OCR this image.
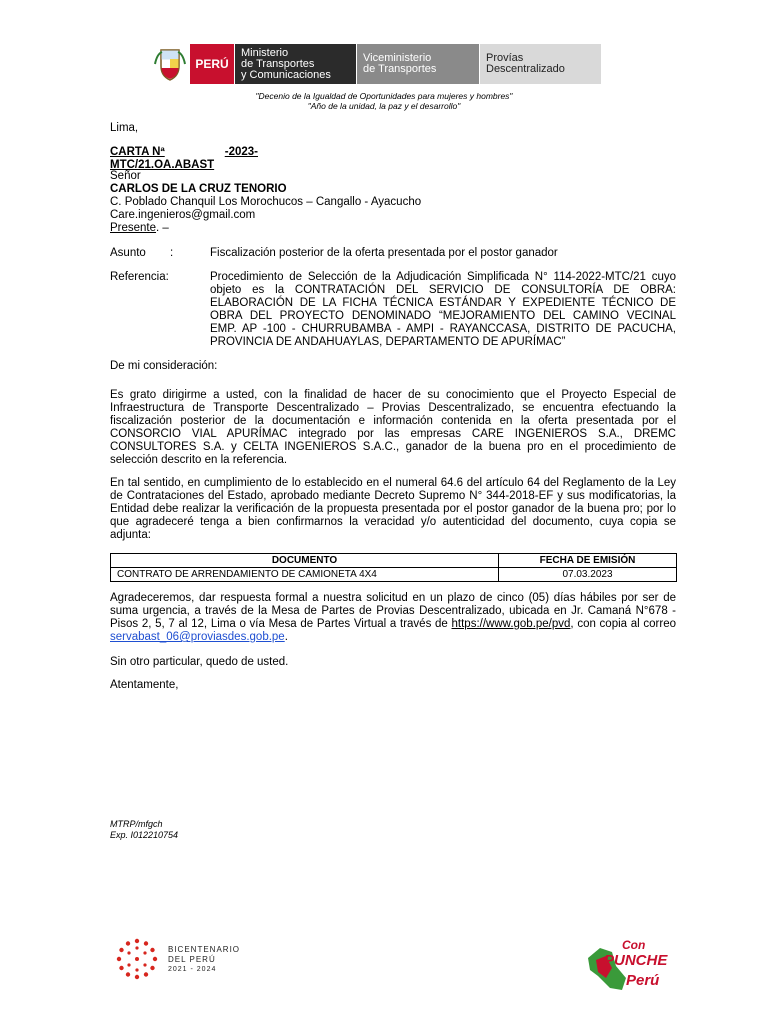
PERÚ
Ministerio
de Transportes
y Comunicaciones
Viceministerio
de Transportes
Provías
Descentralizado
"Decenio de la Igualdad de Oportunidades para mujeres y hombres"
"Año de la unidad, la paz y el desarrollo"
Lima,
CARTA Nª	-2023-MTC/21.OA.ABAST
Señor
CARLOS DE LA CRUZ TENORIO
C. Poblado Chanquil Los Morochucos – Cangallo - Ayacucho
Care.ingenieros@gmail.com
Presente. –
Asunto :	Fiscalización posterior de la oferta presentada por el postor ganador
Referencia:	Procedimiento de Selección de la Adjudicación Simplificada N° 114-2022-MTC/21 cuyo
objeto es la CONTRATACIÓN DEL SERVICIO DE CONSULTORÍA DE OBRA:
ELABORACIÓN DE LA FICHA TÉCNICA ESTÁNDAR Y EXPEDIENTE TÉCNICO DE
OBRA DEL PROYECTO DENOMINADO “MEJORAMIENTO DEL CAMINO VECINAL
EMP. AP -100 - CHURRUBAMBA - AMPI - RAYANCCASA, DISTRITO DE PACUCHA,
PROVINCIA DE ANDAHUAYLAS, DEPARTAMENTO DE APURÍMAC”
De mi consideración:
Es grato dirigirme a usted, con la finalidad de hacer de su conocimiento que el Proyecto Especial de
Infraestructura de Transporte Descentralizado – Provias Descentralizado, se encuentra efectuando la
fiscalización posterior de la documentación e información contenida en la oferta presentada por el
CONSORCIO VIAL APURÍMAC integrado por las empresas CARE INGENIEROS S.A., DREMC
CONSULTORES S.A. y CELTA INGENIEROS S.A.C., ganador de la buena pro en el procedimiento de
selección descrito en la referencia.
En tal sentido, en cumplimiento de lo establecido en el numeral 64.6 del artículo 64 del Reglamento de la Ley
de Contrataciones del Estado, aprobado mediante Decreto Supremo N° 344-2018-EF y sus modificatorias, la
Entidad debe realizar la verificación de la propuesta presentada por el postor ganador de la buena pro; por lo
que agradeceré tenga a bien confirmarnos la veracidad y/o autenticidad del documento, cuya copia se
adjunta:
DOCUMENTO	FECHA DE EMISIÓN
CONTRATO DE ARRENDAMIENTO DE CAMIONETA 4X4	07.03.2023
Agradeceremos, dar respuesta formal a nuestra solicitud en un plazo de cinco (05) días hábiles por ser de
suma urgencia, a través de la Mesa de Partes de Provias Descentralizado, ubicada en Jr. Camaná N°678 -
Pisos 2, 5, 7 al 12, Lima o vía Mesa de Partes Virtual a través de https://www.gob.pe/pvd, con copia al correo
servabast_06@proviasdes.gob.pe.
Sin otro particular, quedo de usted.
Atentamente,
MTRP/mfgch
Exp. I012210754
BICENTENARIO
DEL PERÚ
2021 - 2024
Con
PUNCHE
Perú
